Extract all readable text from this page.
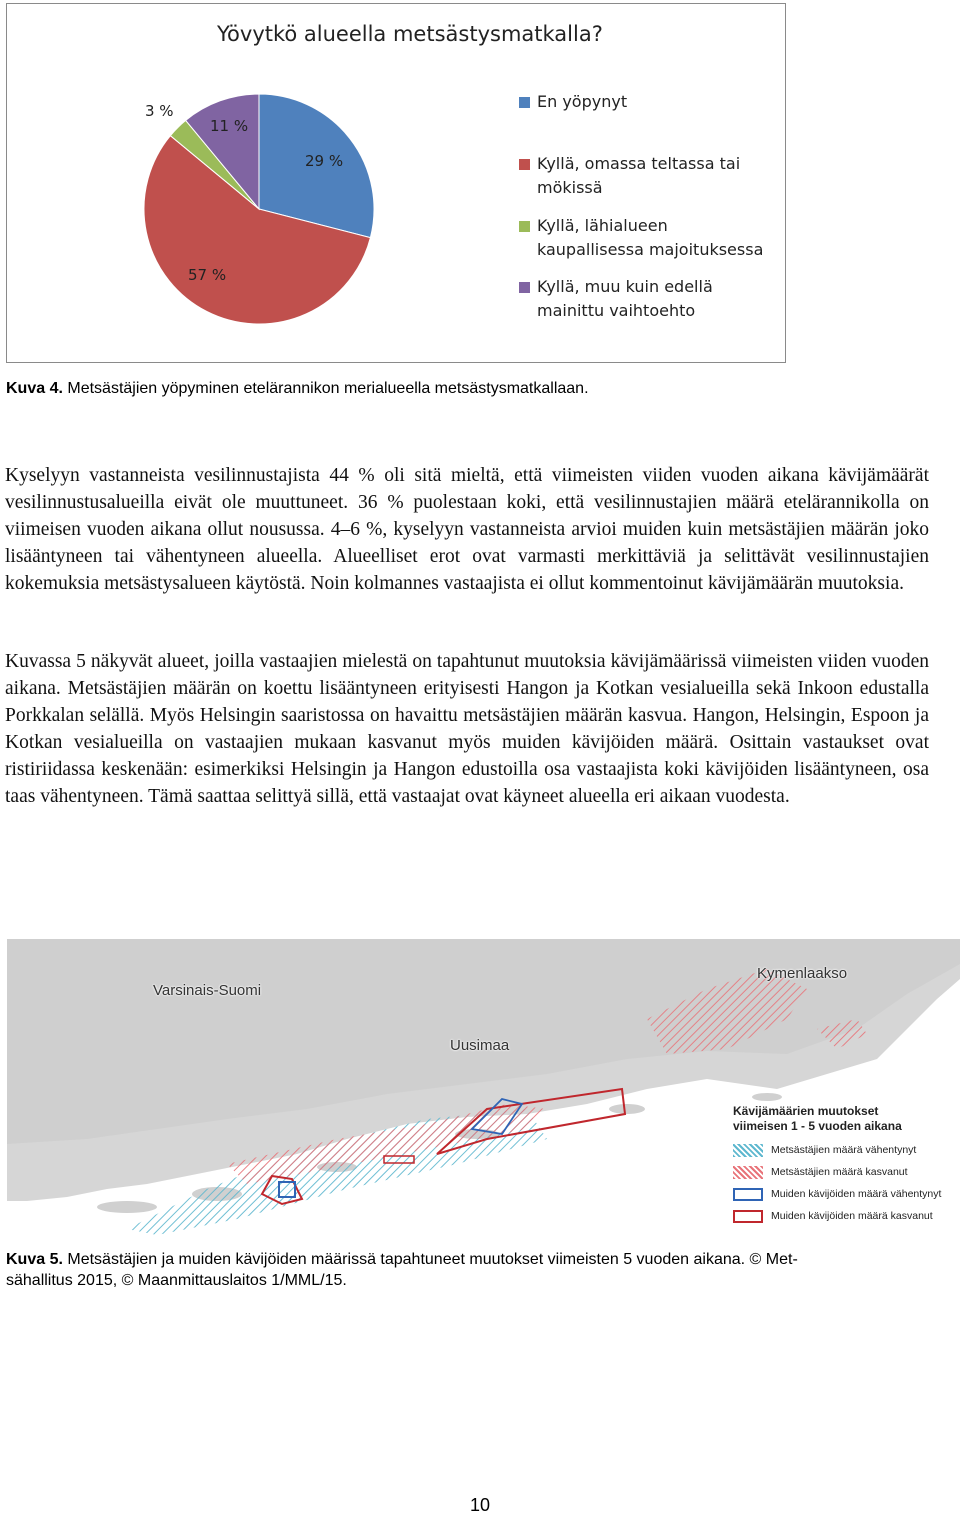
Yövytkö alueella metsästysmatkalla?
29 %
57 %
3 %
11 %
En yöpynyt
Kyllä, omassa teltassa tai mökissä
Kyllä, lähialueen kaupallisessa majoituksessa
Kyllä, muu kuin edellä mainittu vaihtoehto
Kuva 4. Metsästäjien yöpyminen etelärannikon merialueella metsästysmatkallaan.

Kyselyyn vastanneista vesilinnustajista 44 % oli sitä mieltä, että viimeisten viiden vuoden aikana kävijämäärät vesilinnustusalueilla eivät ole muuttuneet. 36 % puolestaan koki, että vesilinnustajien määrä etelärannikolla on viimeisen vuoden aikana ollut nousussa. 4–6 %, kyselyyn vastanneista arvioi muiden kuin metsästäjien määrän joko lisääntyneen tai vähentyneen alueella. Alueelliset erot ovat varmasti merkittäviä ja selittävät vesilinnustajien kokemuksia metsästysalueen käytöstä. Noin kolmannes vastaajista ei ollut kommentoinut kävijämäärän muutoksia.

Kuvassa 5 näkyvät alueet, joilla vastaajien mielestä on tapahtunut muutoksia kävijämäärissä viimeisten viiden vuoden aikana. Metsästäjien määrän on koettu lisääntyneen erityisesti Hangon ja Kotkan vesialueilla sekä Inkoon edustalla Porkkalan selällä. Myös Helsingin saaristossa on havaittu metsästäjien määrän kasvua. Hangon, Helsingin, Espoon ja Kotkan vesialueilla on vastaajien mukaan kasvanut myös muiden kävijöiden määrä. Osittain vastaukset ovat ristiriidassa keskenään: esimerkiksi Helsingin ja Hangon edustoilla osa vastaajista koki kävijöiden lisääntyneen, osa taas vähentyneen. Tämä saattaa selittyä sillä, että vastaajat ovat käyneet alueella eri aikaan vuodesta.

Varsinais-Suomi
Uusimaa
Kymenlaakso
Kävijämäärien muutokset viimeisen 1 - 5 vuoden aikana
Metsästäjien määrä vähentynyt
Metsästäjien määrä kasvanut
Muiden kävijöiden määrä vähentynyt
Muiden kävijöiden määrä kasvanut
Kuva 5. Metsästäjien ja muiden kävijöiden määrissä tapahtuneet muutokset viimeisten 5 vuoden aikana. © Met-
sähallitus 2015, © Maanmittauslaitos 1/MML/15.
10
